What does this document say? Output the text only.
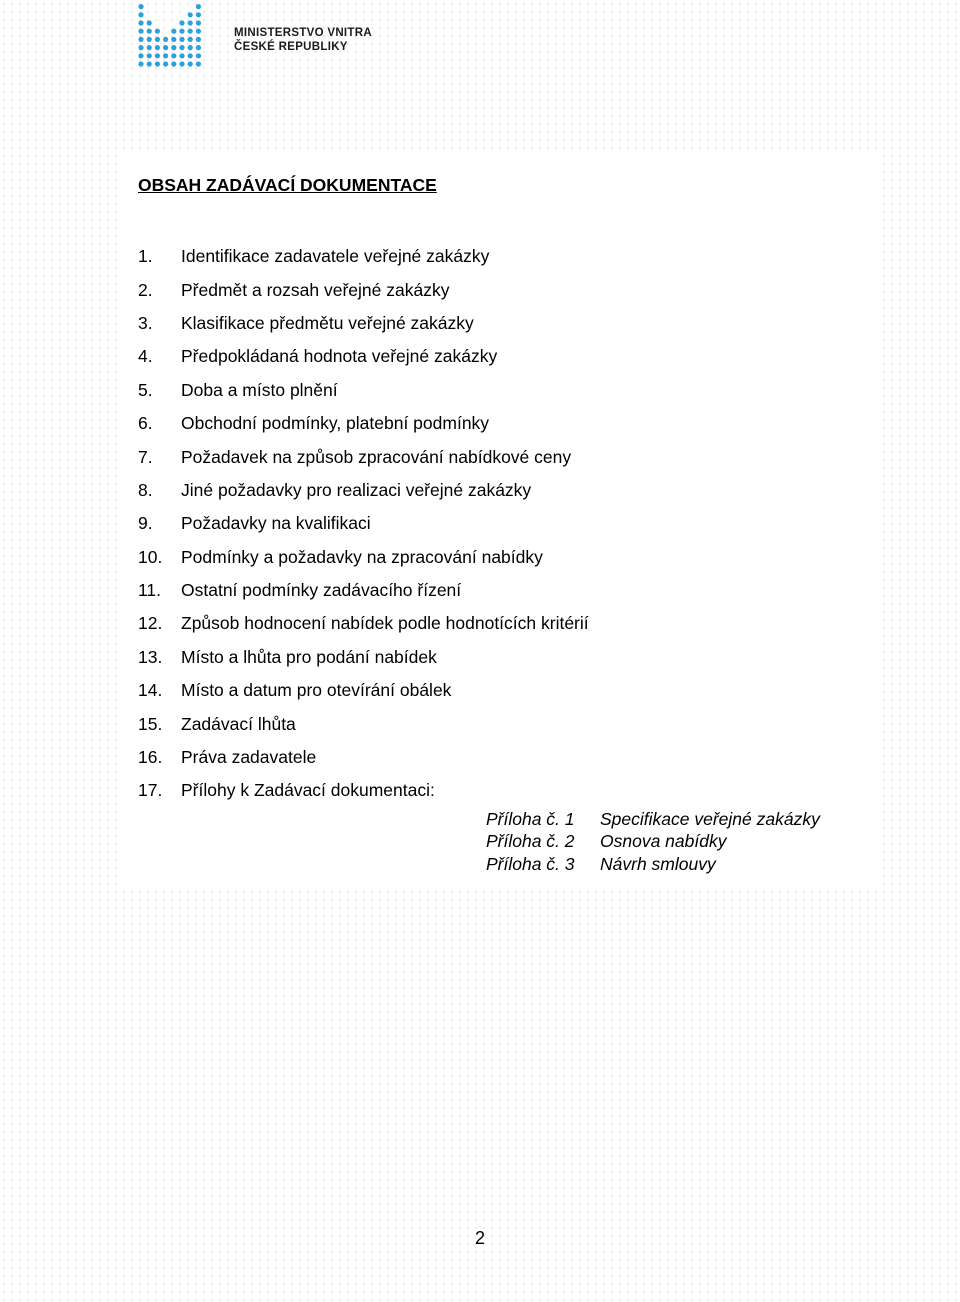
MINISTERSTVO VNITRA
ČESKÉ REPUBLIKY
OBSAH ZADÁVACÍ DOKUMENTACE
1.	Identifikace zadavatele veřejné zakázky
2.	Předmět a rozsah veřejné zakázky
3.	Klasifikace předmětu veřejné zakázky
4.	Předpokládaná hodnota veřejné zakázky
5.	Doba a místo plnění
6.	Obchodní podmínky, platební podmínky
7.	Požadavek na způsob zpracování nabídkové ceny
8.	Jiné požadavky pro realizaci veřejné zakázky
9.	Požadavky na kvalifikaci
10.	Podmínky a požadavky na zpracování nabídky
11.	Ostatní podmínky zadávacího řízení
12.	Způsob hodnocení nabídek podle hodnotících kritérií
13.	Místo a lhůta pro podání nabídek
14.	Místo a datum pro otevírání obálek
15.	Zadávací lhůta
16.	Práva zadavatele
17.	Přílohy k Zadávací dokumentaci:
Příloha č. 1	Specifikace veřejné zakázky
Příloha č. 2	Osnova nabídky
Příloha č. 3	Návrh smlouvy
2
